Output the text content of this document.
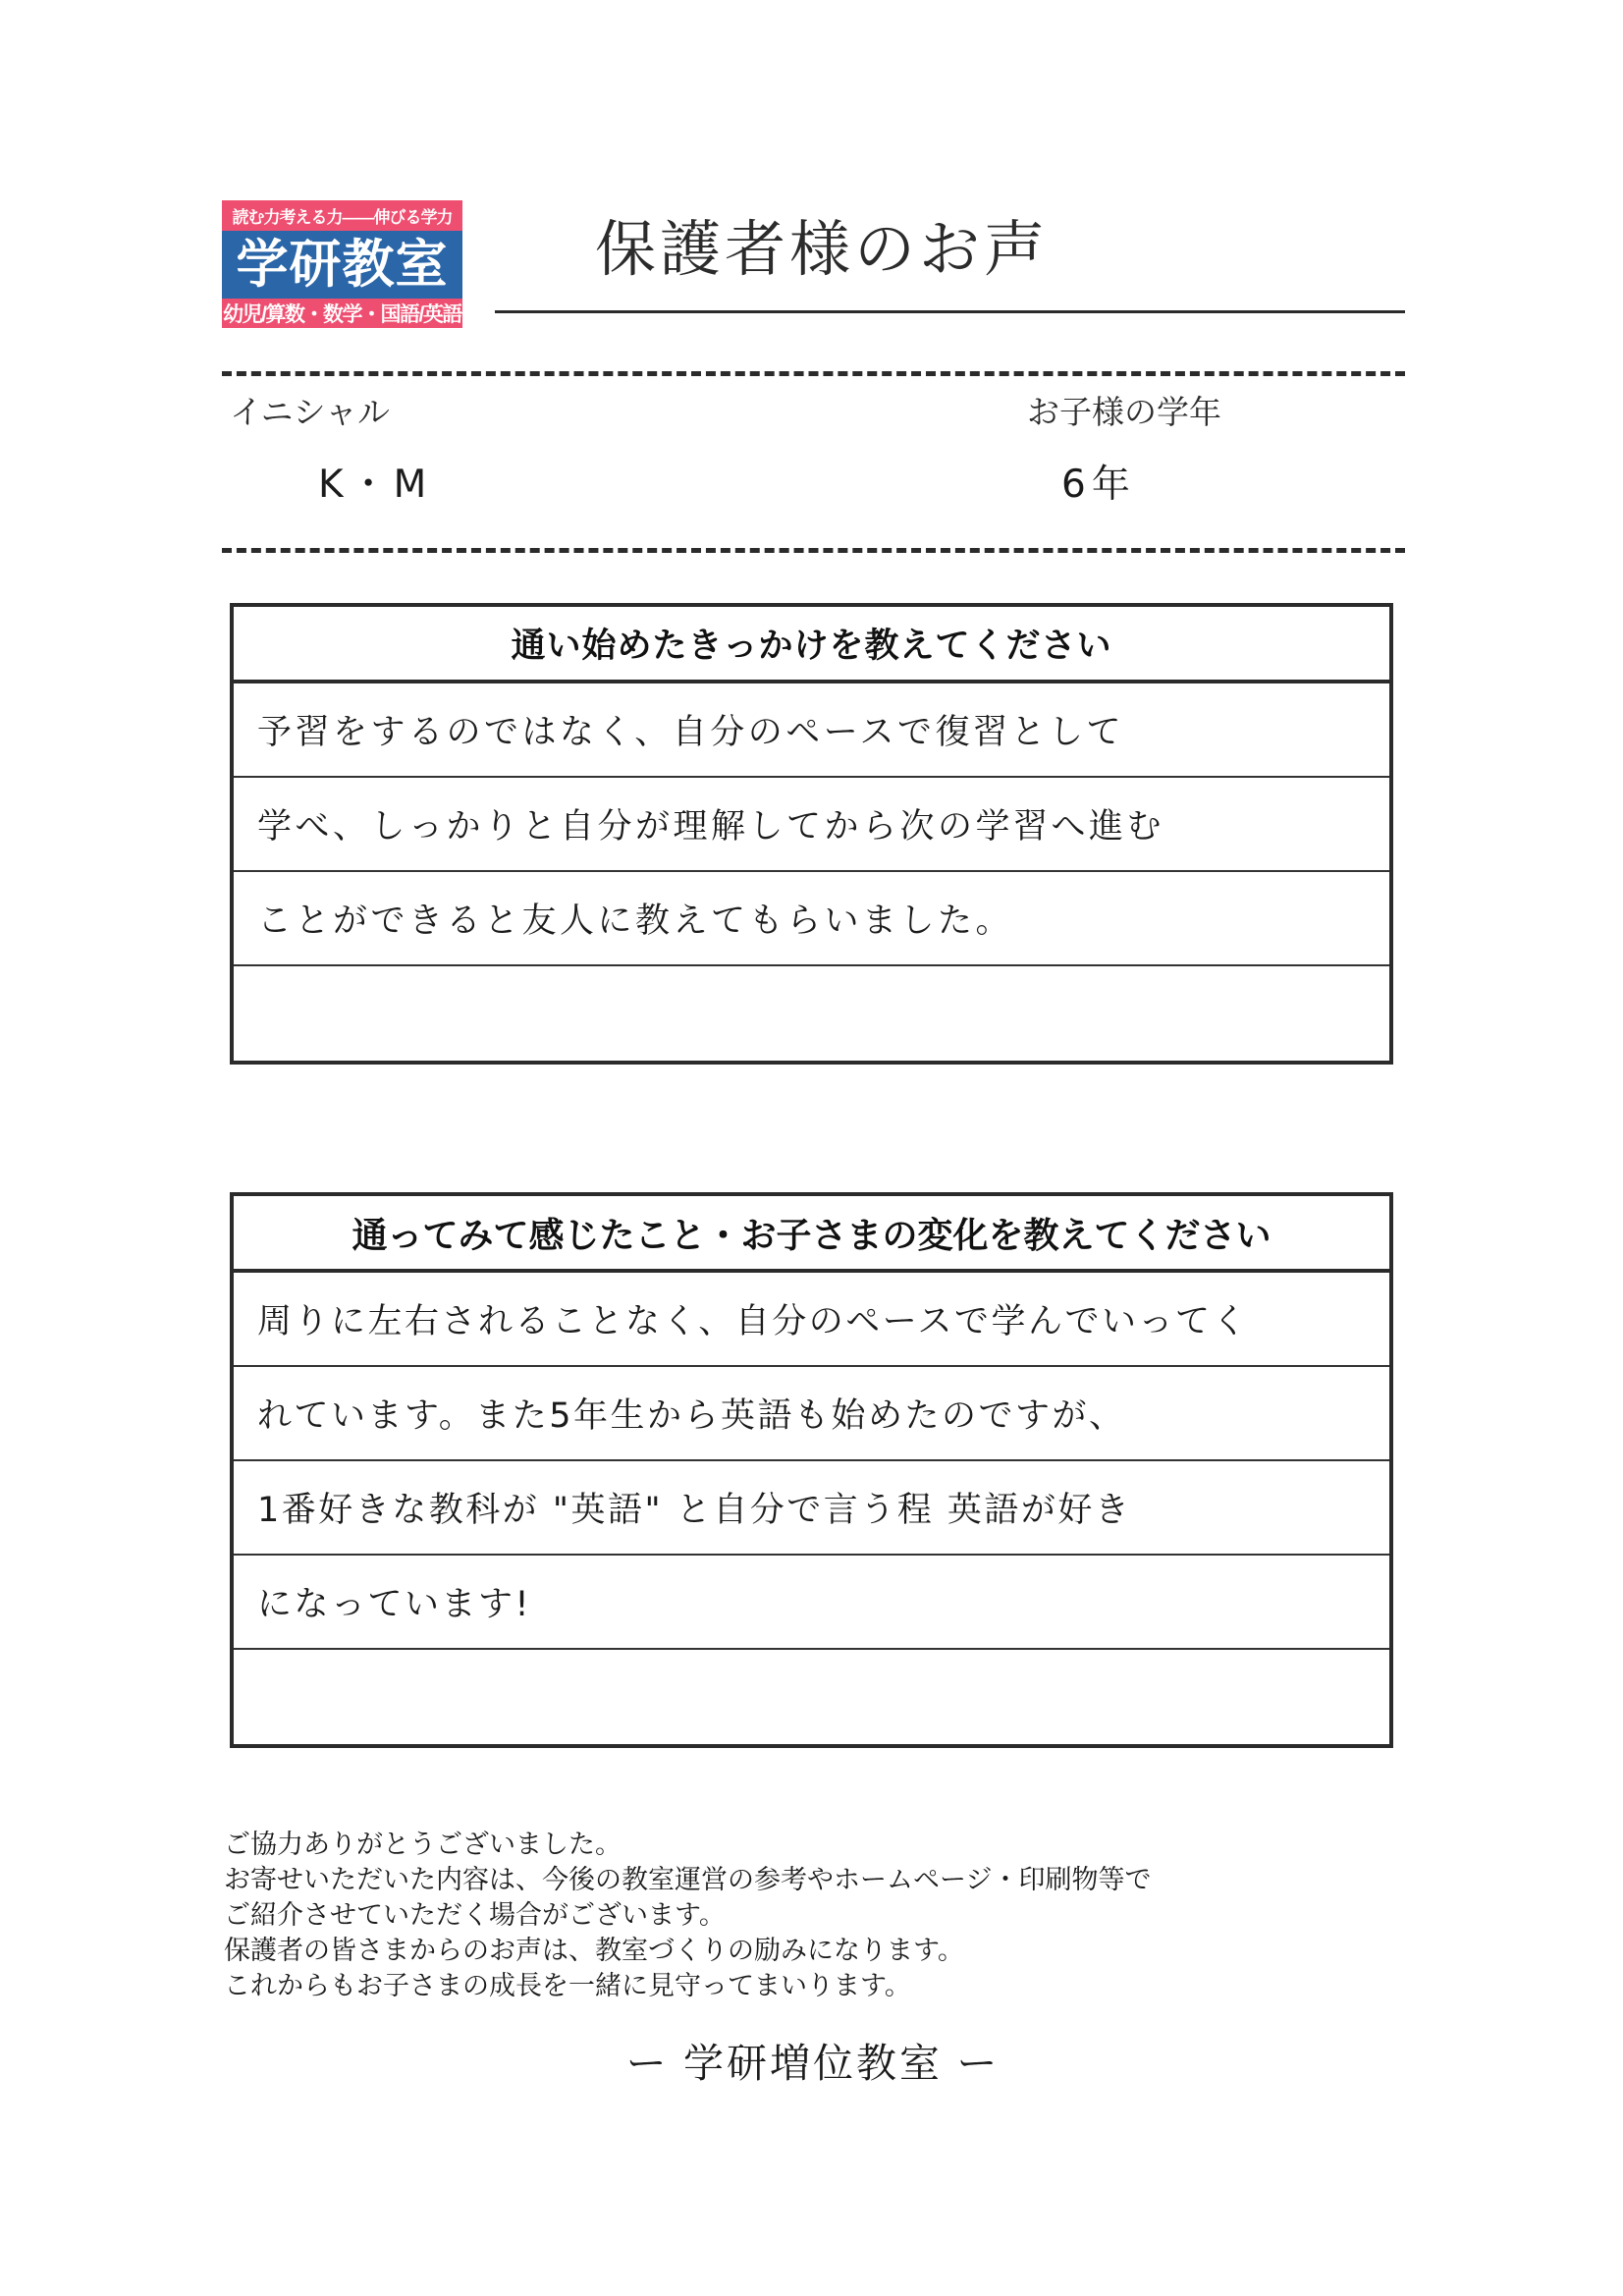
読む力考える力――伸びる学力
学研教室
幼児/算数・数学・国語/英語
保護者様のお声
イニシャル	お子様の学年
K・M	6年
通い始めたきっかけを教えてください
予習をするのではなく、自分のペースで復習として
学べ、しっかりと自分が理解してから次の学習へ進む
ことができると友人に教えてもらいました。
通ってみて感じたこと・お子さまの変化を教えてください
周りに左右されることなく、自分のペースで学んでいってく
れています。また5年生から英語も始めたのですが、
1番好きな教科が "英語" と自分で言う程 英語が好き
になっています!

ご協力ありがとうございました。

お寄せいただいた内容は、今後の教室運営の参考やホームページ・印刷物等で

ご紹介させていただく場合がございます。

保護者の皆さまからのお声は、教室づくりの励みになります。

これからもお子さまの成長を一緒に見守ってまいります。

ー 学研増位教室 ー
